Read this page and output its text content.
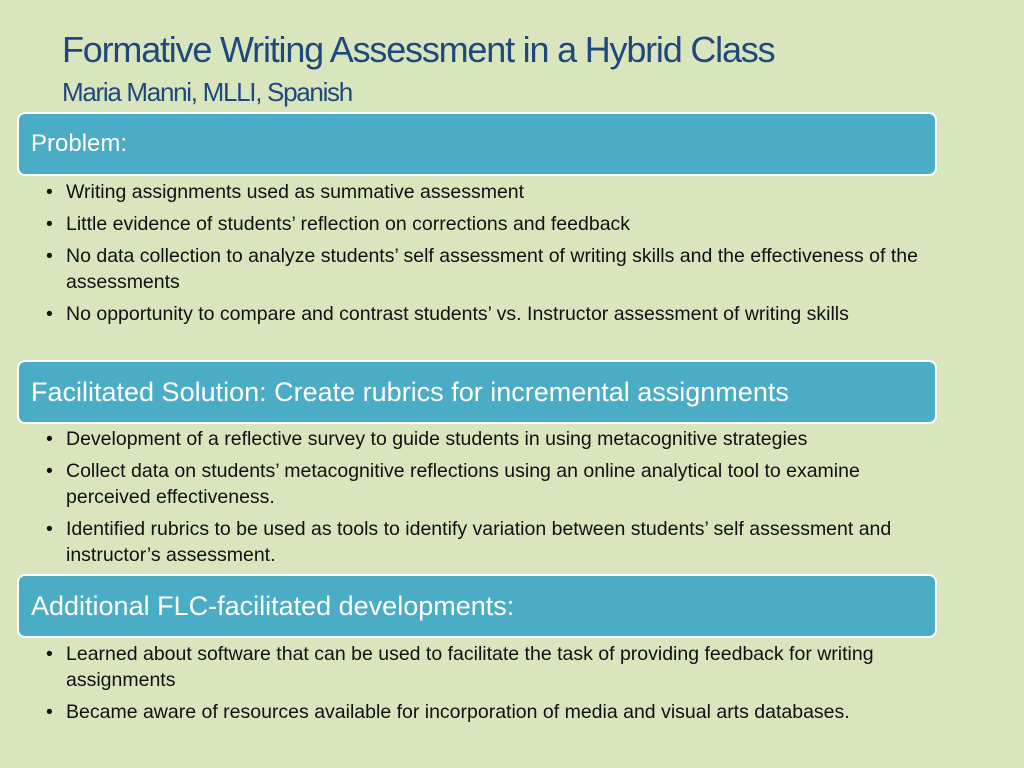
Formative Writing Assessment in a Hybrid Class
Maria Manni, MLLI, Spanish
Problem:
• Writing assignments used as summative assessment
• Little evidence of students’ reflection on corrections and feedback
• No data collection to analyze students’ self assessment of writing skills and the effectiveness of the assessments
• No opportunity to compare and contrast students’ vs. Instructor assessment of writing skills
Facilitated Solution: Create rubrics for incremental assignments
• Development of a reflective survey to guide students in using metacognitive strategies
• Collect data on students’ metacognitive reflections using an online analytical tool to examine perceived effectiveness.
• Identified rubrics to be used as tools to identify variation between students’ self assessment and instructor’s assessment.
Additional FLC-facilitated developments:
• Learned about software that can be used to facilitate the task of providing feedback for writing assignments
• Became aware of resources available for incorporation of media and visual arts databases.
